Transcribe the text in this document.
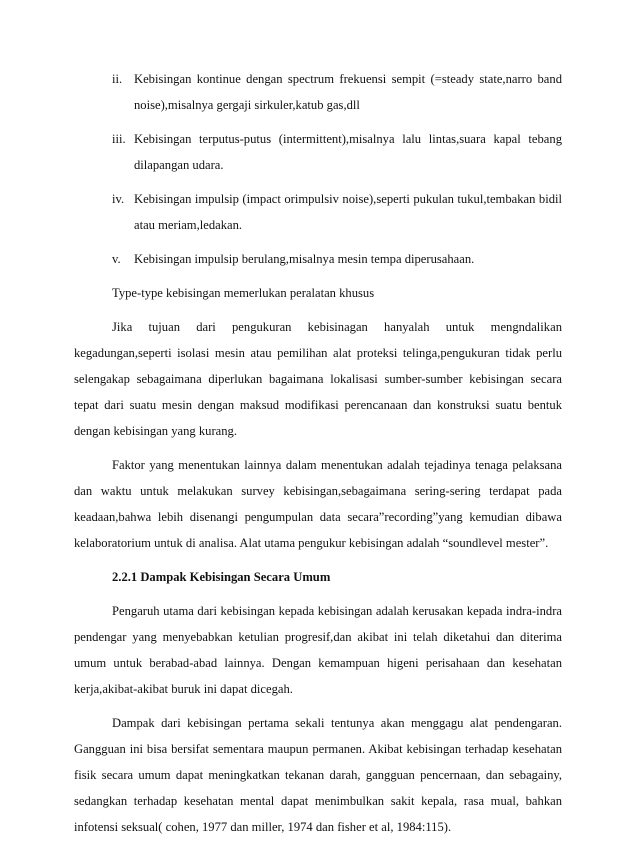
ii. Kebisingan kontinue dengan spectrum frekuensi sempit (=steady state,narro band noise),misalnya gergaji sirkuler,katub gas,dll
iii. Kebisingan terputus-putus (intermittent),misalnya lalu lintas,suara kapal tebang dilapangan udara.
iv. Kebisingan impulsip (impact orimpulsiv noise),seperti pukulan tukul,tembakan bidil atau meriam,ledakan.
v. Kebisingan impulsip berulang,misalnya mesin tempa diperusahaan.
Type-type kebisingan memerlukan peralatan khusus

Jika tujuan dari pengukuran kebisinagan hanyalah untuk mengndalikan kegadungan,seperti isolasi mesin atau pemilihan alat proteksi telinga,pengukuran tidak perlu selengakap sebagaimana diperlukan bagaimana lokalisasi sumber-sumber kebisingan secara tepat dari suatu mesin dengan maksud modifikasi perencanaan dan konstruksi suatu bentuk dengan kebisingan yang kurang.

Faktor yang menentukan lainnya dalam menentukan adalah tejadinya tenaga pelaksana dan waktu untuk melakukan survey kebisingan,sebagaimana sering-sering terdapat pada keadaan,bahwa lebih disenangi pengumpulan data secara”recording”yang kemudian dibawa kelaboratorium untuk di analisa. Alat utama pengukur kebisingan adalah “soundlevel mester”.

2.2.1 Dampak Kebisingan Secara Umum

Pengaruh utama dari kebisingan kepada kebisingan adalah kerusakan kepada indra-indra pendengar yang menyebabkan ketulian progresif,dan akibat ini telah diketahui dan diterima umum untuk berabad-abad lainnya. Dengan kemampuan higeni perisahaan dan kesehatan kerja,akibat-akibat buruk ini dapat dicegah.

Dampak dari kebisingan pertama sekali tentunya akan menggagu alat pendengaran. Gangguan ini bisa bersifat sementara maupun permanen. Akibat kebisingan terhadap kesehatan fisik secara umum dapat meningkatkan tekanan darah, gangguan pencernaan, dan sebagainy, sedangkan terhadap kesehatan mental dapat menimbulkan sakit kepala, rasa mual, bahkan infotensi seksual( cohen, 1977 dan miller, 1974 dan fisher et al, 1984:115).
